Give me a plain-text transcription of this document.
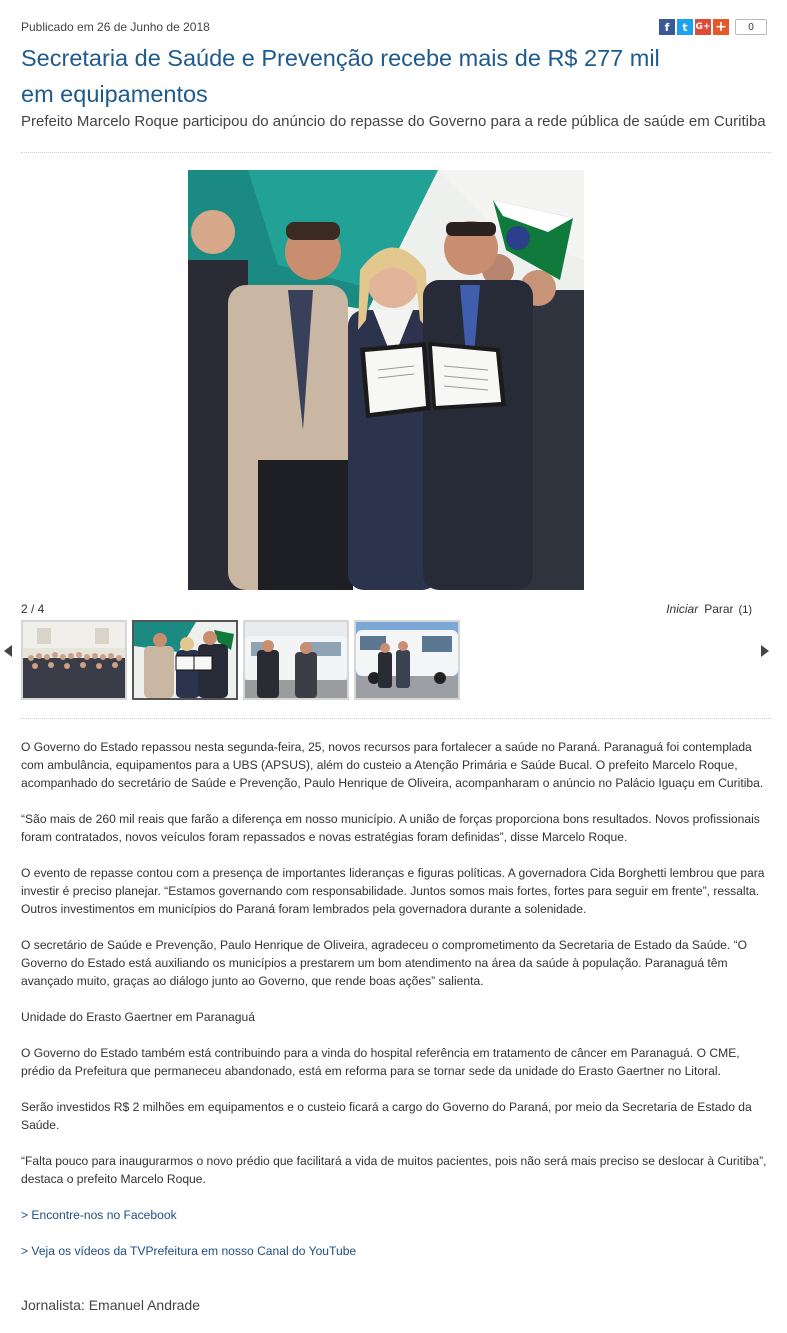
Publicado em 26 de Junho de 2018	f	t G+ +	0
Secretaria de Saúde e Prevenção recebe mais de R$ 277 mil em equipamentos
Prefeito Marcelo Roque participou do anúncio do repasse do Governo para a rede pública de saúde em Curitiba
2 / 4	Iniciar Parar (1)

O Governo do Estado repassou nesta segunda-feira, 25, novos recursos para fortalecer a saúde no Paraná. Paranaguá foi contemplada com ambulância, equipamentos para a UBS (APSUS), além do custeio a Atenção Primária e Saúde Bucal. O prefeito Marcelo Roque, acompanhado do secretário de Saúde e Prevenção, Paulo Henrique de Oliveira, acompanharam o anúncio no Palácio Iguaçu em Curitiba.

“São mais de 260 mil reais que farão a diferença em nosso município. A união de forças proporciona bons resultados. Novos profissionais foram contratados, novos veículos foram repassados e novas estratégias foram definidas”, disse Marcelo Roque.

O evento de repasse contou com a presença de importantes lideranças e figuras políticas. A governadora Cida Borghetti lembrou que para investir é preciso planejar. “Estamos governando com responsabilidade. Juntos somos mais fortes, fortes para seguir em frente”, ressalta. Outros investimentos em municípios do Paraná foram lembrados pela governadora durante a solenidade.

O secretário de Saúde e Prevenção, Paulo Henrique de Oliveira, agradeceu o comprometimento da Secretaria de Estado da Saúde. “O Governo do Estado está auxiliando os municípios a prestarem um bom atendimento na área da saúde à população. Paranaguá têm avançado muito, graças ao diálogo junto ao Governo, que rende boas ações” salienta.

Unidade do Erasto Gaertner em Paranaguá

O Governo do Estado também está contribuindo para a vinda do hospital referência em tratamento de câncer em Paranaguá. O CME, prédio da Prefeitura que permaneceu abandonado, está em reforma para se tornar sede da unidade do Erasto Gaertner no Litoral.

Serão investidos R$ 2 milhões em equipamentos e o custeio ficará a cargo do Governo do Paraná, por meio da Secretaria de Estado da Saúde.

“Falta pouco para inaugurarmos o novo prédio que facilitará a vida de muitos pacientes, pois não será mais preciso se deslocar à Curitiba”, destaca o prefeito Marcelo Roque.

> Encontre-nos no Facebook

> Veja os vídeos da TVPrefeitura em nosso Canal do YouTube

Jornalista: Emanuel Andrade
